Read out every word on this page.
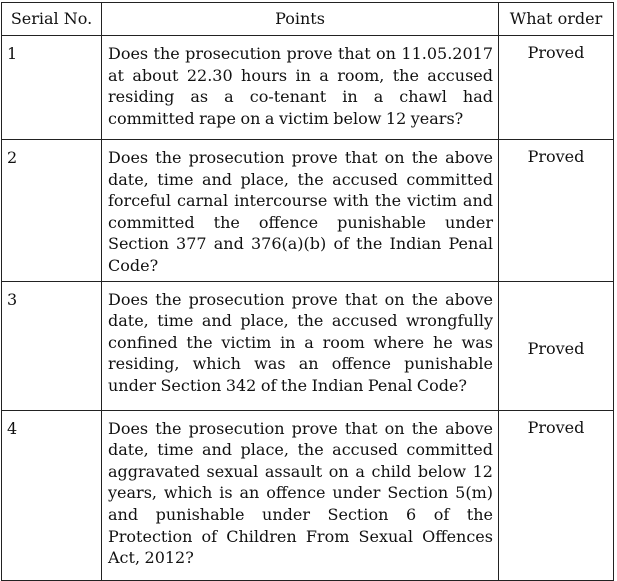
Serial No.	Points	What order
1	Does the prosecution prove that on 11.05.2017 at about 22.30 hours in a room, the accused residing as a co-tenant in a chawl had committed rape on a victim below 12 years?	Proved
2	Does the prosecution prove that on the above date, time and place, the accused committed forceful carnal intercourse with the victim and committed the offence punishable under Section 377 and 376(a)(b) of the Indian Penal Code?	Proved
3	Does the prosecution prove that on the above date, time and place, the accused wrongfully confined the victim in a room where he was residing, which was an offence punishable under Section 342 of the Indian Penal Code?	Proved
4	Does the prosecution prove that on the above date, time and place, the accused committed aggravated sexual assault on a child below 12 years, which is an offence under Section 5(m) and punishable under Section 6 of the Protection of Children From Sexual Offences Act, 2012?	Proved
